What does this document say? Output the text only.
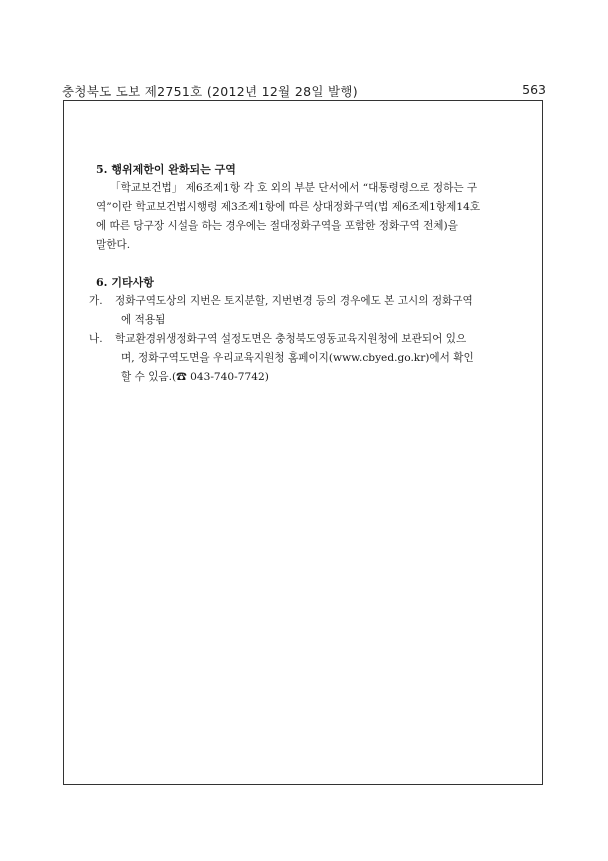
충청북도 도보 제2751호 (2012년 12월 28일 발행)	563

5. 행위제한이 완화되는 구역

「학교보건법」 제6조제1항 각 호 외의 부분 단서에서 “대통령령으로 정하는 구
역”이란 학교보건법시행령 제3조제1항에 따른 상대정화구역(법 제6조제1항제14호
에 따른 당구장 시설을 하는 경우에는 절대정화구역을 포함한 정화구역 전체)을
말한다.

6. 기타사항

가. 정화구역도상의 지번은 토지분할, 지번변경 등의 경우에도 본 고시의 정화구역
에 적용됨
나. 학교환경위생정화구역 설정도면은 충청북도영동교육지원청에 보관되어 있으
며, 정화구역도면을 우리교육지원청 홈페이지(www.cbyed.go.kr)에서 확인
할 수 있음.(☎ 043-740-7742)
